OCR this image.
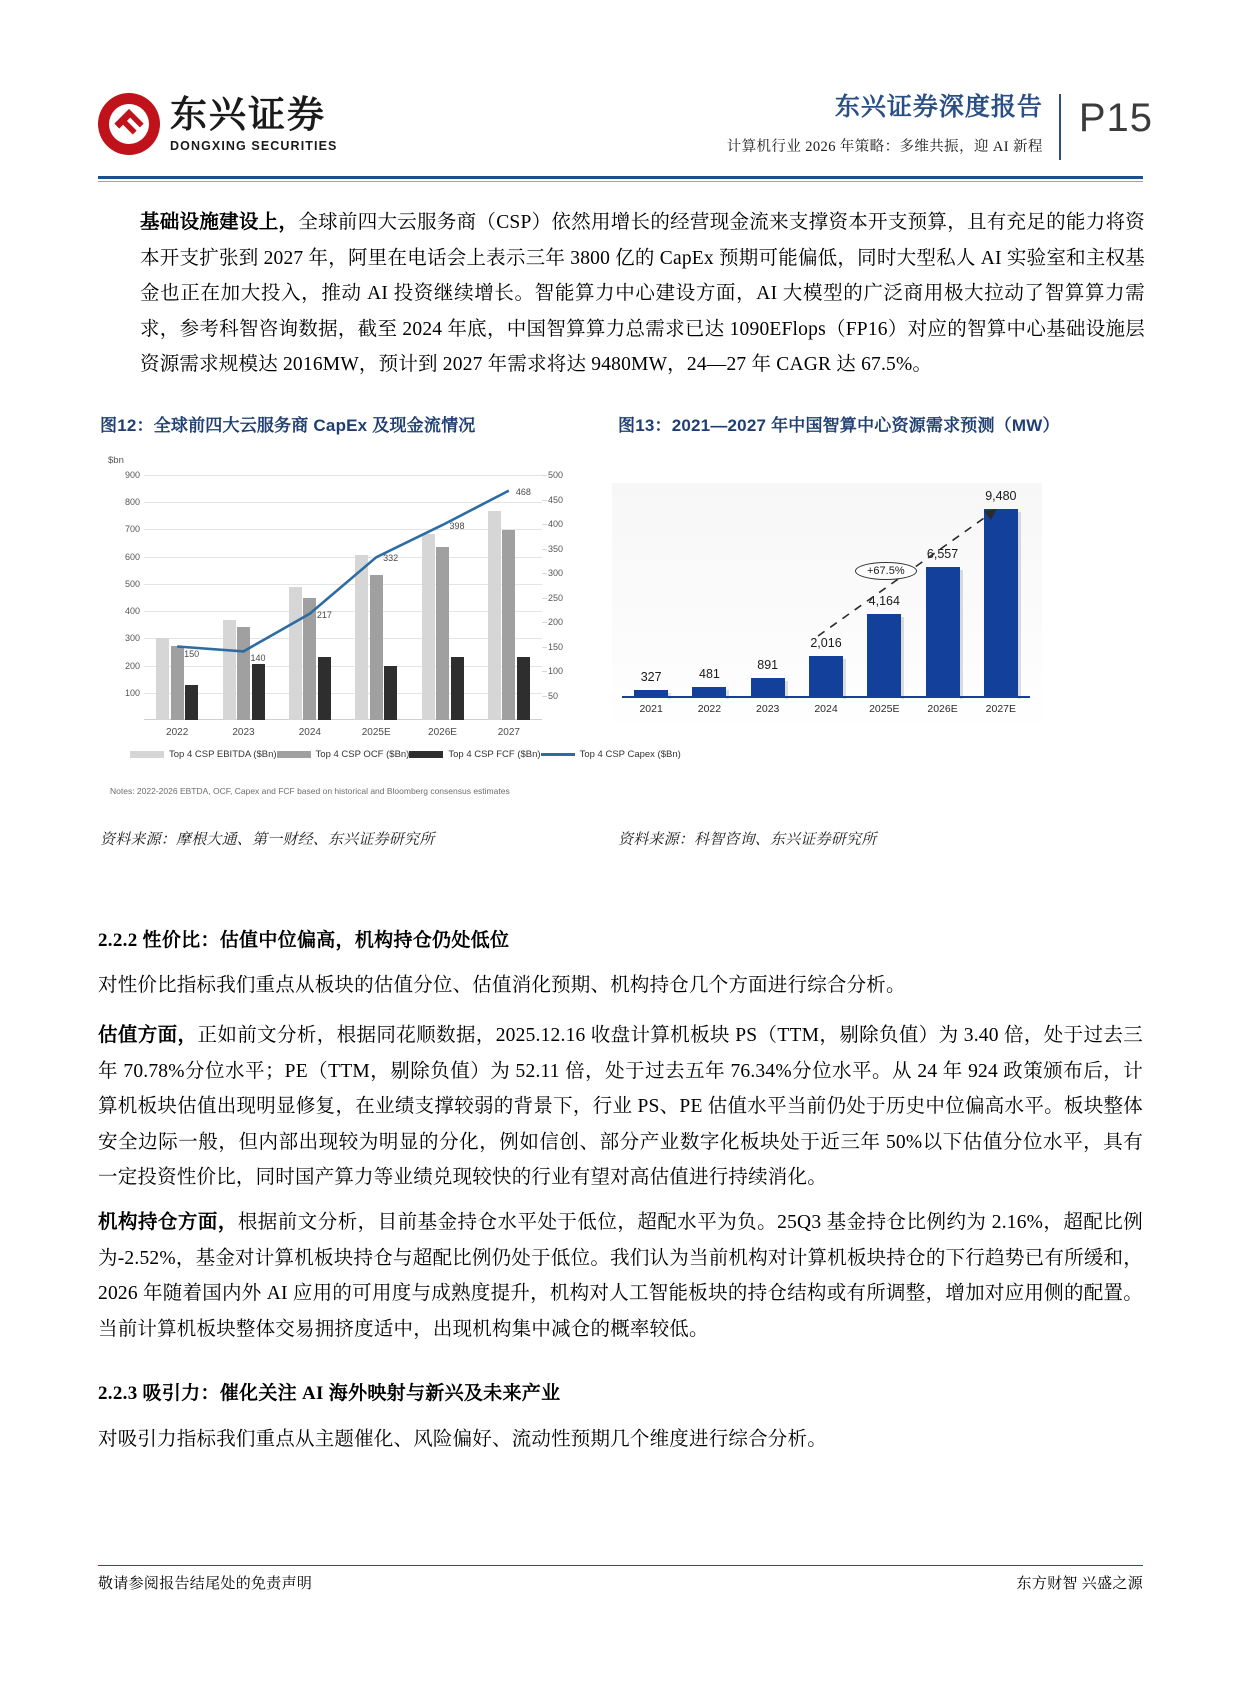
东兴证券
DONGXING SECURITIES
东兴证券深度报告
计算机行业 2026 年策略：多维共振，迎 AI 新程
P15
基础设施建设上，全球前四大云服务商（CSP）依然用增长的经营现金流来支撑资本开支预算，且有充足的能力将资本开支扩张到 2027 年，阿里在电话会上表示三年 3800 亿的 CapEx 预期可能偏低，同时大型私人 AI 实验室和主权基金也正在加大投入，推动 AI 投资继续增长。智能算力中心建设方面，AI 大模型的广泛商用极大拉动了智算算力需求，参考科智咨询数据，截至 2024 年底，中国智算算力总需求已达 1090EFlops（FP16）对应的智算中心基础设施层资源需求规模达 2016MW，预计到 2027 年需求将达 9480MW，24—27 年 CAGR 达 67.5%。
图12：全球前四大云服务商 CapEx 及现金流情况	图13：2021—2027 年中国智算中心资源需求预测（MW）
$bn
100
200
300
400
500
600
700
800
900
50
100
150
200
250
300
350
400
450
500
150	140
217
332
398
468
Top 4 CSP EBITDA ($Bn)	Top 4 CSP OCF ($Bn)	Top 4 CSP FCF ($Bn)	Top 4 CSP Capex ($Bn)
Notes: 2022-2026 EBTDA, OCF, Capex and FCF based on historical and Bloomberg consensus estimates
2022	2023	2024	2025E	2026E	2027
327	481
891
2,016
4,164
6,557
9,480
+67.5%
2021	2022	2023	2024	2025E	2026E	2027E
资料来源：摩根大通、第一财经、东兴证券研究所	资料来源：科智咨询、东兴证券研究所
2.2.2 性价比：估值中位偏高，机构持仓仍处低位
对性价比指标我们重点从板块的估值分位、估值消化预期、机构持仓几个方面进行综合分析。
估值方面，正如前文分析，根据同花顺数据，2025.12.16 收盘计算机板块 PS（TTM，剔除负值）为 3.40 倍，处于过去三年 70.78%分位水平；PE（TTM，剔除负值）为 52.11 倍，处于过去五年 76.34%分位水平。从 24 年 924 政策颁布后，计算机板块估值出现明显修复，在业绩支撑较弱的背景下，行业 PS、PE 估值水平当前仍处于历史中位偏高水平。板块整体安全边际一般，但内部出现较为明显的分化，例如信创、部分产业数字化板块处于近三年 50%以下估值分位水平，具有一定投资性价比，同时国产算力等业绩兑现较快的行业有望对高估值进行持续消化。
机构持仓方面，根据前文分析，目前基金持仓水平处于低位，超配水平为负。25Q3 基金持仓比例约为 2.16%，超配比例为-2.52%，基金对计算机板块持仓与超配比例仍处于低位。我们认为当前机构对计算机板块持仓的下行趋势已有所缓和，2026 年随着国内外 AI 应用的可用度与成熟度提升，机构对人工智能板块的持仓结构或有所调整，增加对应用侧的配置。当前计算机板块整体交易拥挤度适中，出现机构集中减仓的概率较低。
2.2.3 吸引力：催化关注 AI 海外映射与新兴及未来产业
对吸引力指标我们重点从主题催化、风险偏好、流动性预期几个维度进行综合分析。
敬请参阅报告结尾处的免责声明	东方财智 兴盛之源
